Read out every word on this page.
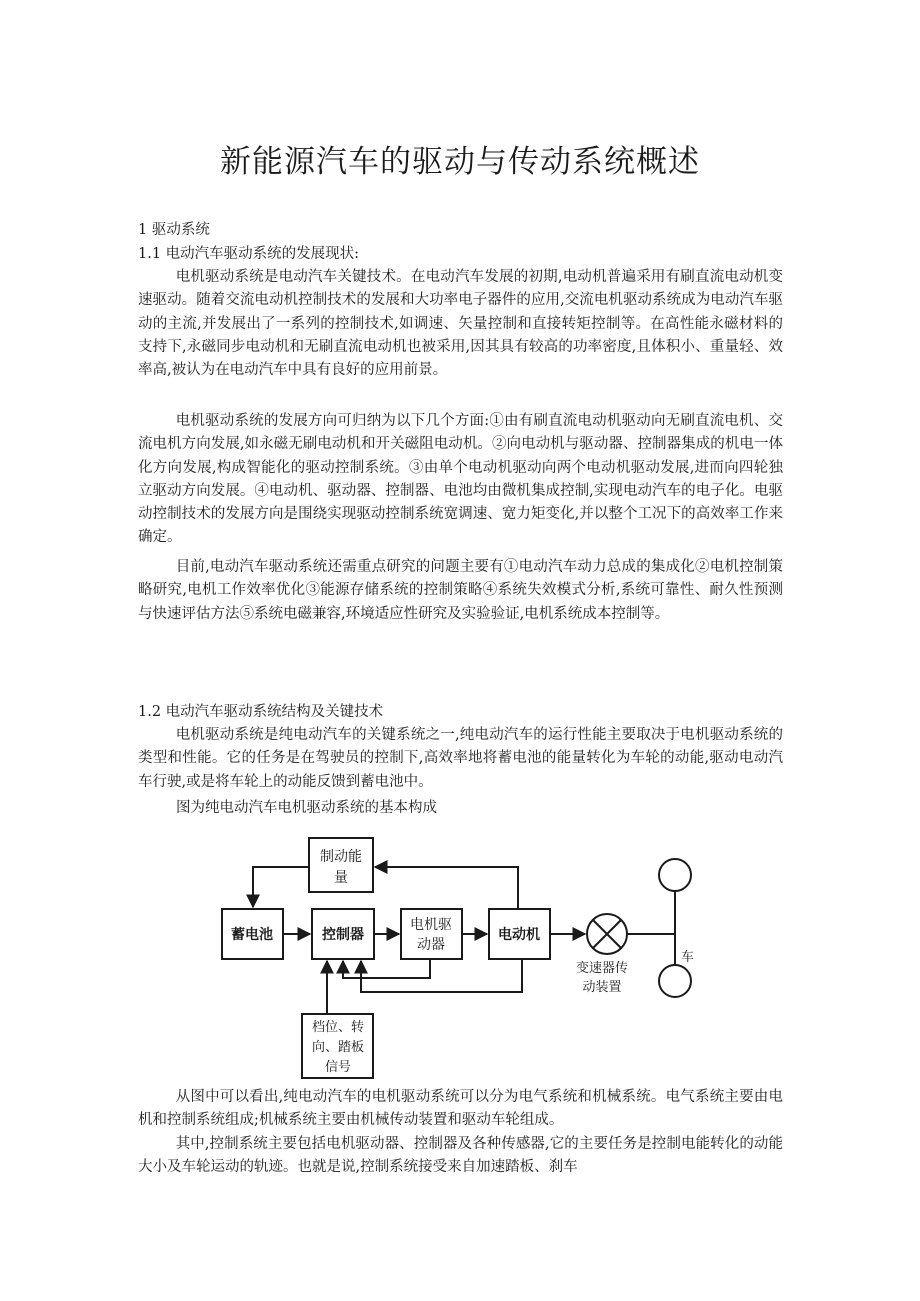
新能源汽车的驱动与传动系统概述
1 驱动系统
1.1 电动汽车驱动系统的发展现状:

电机驱动系统是电动汽车关键技术。在电动汽车发展的初期,电动机普遍采用有刷直流电动机变速驱动。随着交流电动机控制技术的发展和大功率电子器件的应用,交流电机驱动系统成为电动汽车驱动的主流,并发展出了一系列的控制技术,如调速、矢量控制和直接转矩控制等。在高性能永磁材料的支持下,永磁同步电动机和无刷直流电动机也被采用,因其具有较高的功率密度,且体积小、重量轻、效率高,被认为在电动汽车中具有良好的应用前景。

电机驱动系统的发展方向可归纳为以下几个方面:①由有刷直流电动机驱动向无刷直流电机、交流电机方向发展,如永磁无刷电动机和开关磁阻电动机。②向电动机与驱动器、控制器集成的机电一体化方向发展,构成智能化的驱动控制系统。③由单个电动机驱动向两个电动机驱动发展,进而向四轮独立驱动方向发展。④电动机、驱动器、控制器、电池均由微机集成控制,实现电动汽车的电子化。电驱动控制技术的发展方向是围绕实现驱动控制系统宽调速、宽力矩变化,并以整个工况下的高效率工作来确定。

目前,电动汽车驱动系统还需重点研究的问题主要有①电动汽车动力总成的集成化②电机控制策略研究,电机工作效率优化③能源存储系统的控制策略④系统失效模式分析,系统可靠性、耐久性预测与快速评估方法⑤系统电磁兼容,环境适应性研究及实验验证,电机系统成本控制等。

1.2 电动汽车驱动系统结构及关键技术

电机驱动系统是纯电动汽车的关键系统之一,纯电动汽车的运行性能主要取决于电机驱动系统的类型和性能。它的任务是在驾驶员的控制下,高效率地将蓄电池的能量转化为车轮的动能,驱动电动汽车行驶,或是将车轮上的动能反馈到蓄电池中。

图为纯电动汽车电机驱动系统的基本构成
制动能
量
蓄电池	控制器
电机驱
动器
电动机
变速器传
动装置
车
档位、转
向、踏板
信号

从图中可以看出,纯电动汽车的电机驱动系统可以分为电气系统和机械系统。电气系统主要由电机和控制系统组成;机械系统主要由机械传动装置和驱动车轮组成。

其中,控制系统主要包括电机驱动器、控制器及各种传感器,它的主要任务是控制电能转化的动能大小及车轮运动的轨迹。也就是说,控制系统接受来自加速踏板、刹车
